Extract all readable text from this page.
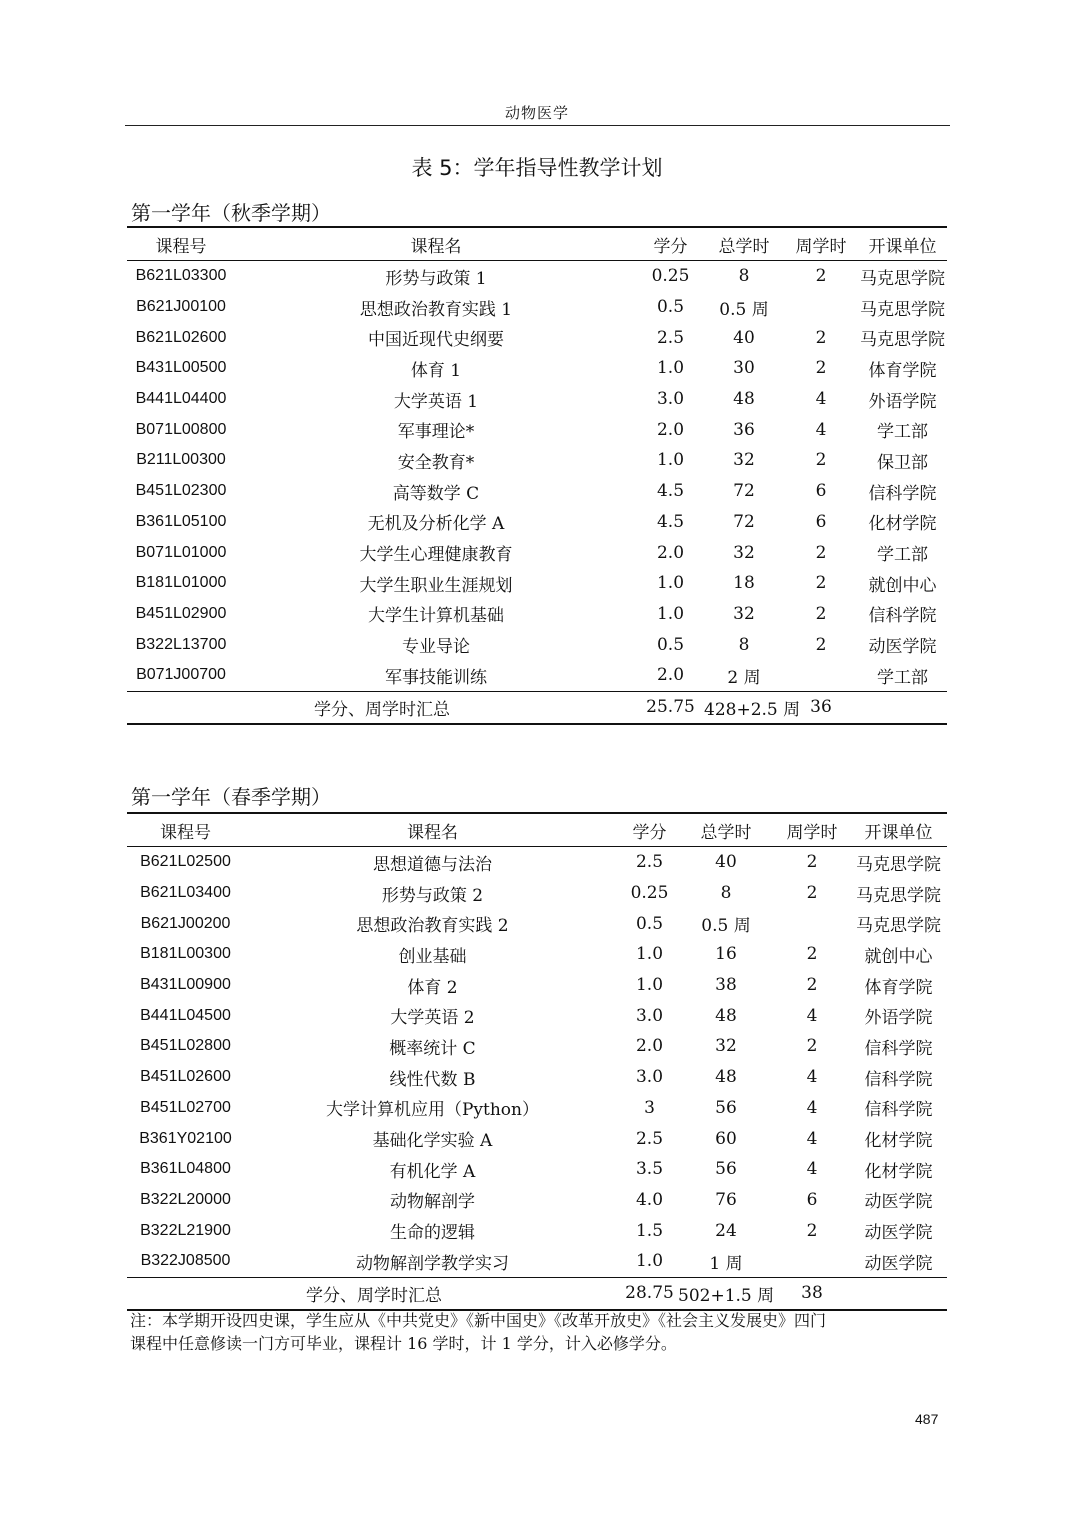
动物医学
表 5：学年指导性教学计划
第一学年（秋季学期）
课程号	课程名	学分	总学时	周学时	开课单位
B621L03300	形势与政策 1	0.25	8	2	马克思学院
B621J00100	思想政治教育实践 1	0.5	0.5 周		马克思学院
B621L02600	中国近现代史纲要	2.5	40	2	马克思学院
B431L00500	体育 1	1.0	30	2	体育学院
B441L04400	大学英语 1	3.0	48	4	外语学院
B071L00800	军事理论*	2.0	36	4	学工部
B211L00300	安全教育*	1.0	32	2	保卫部
B451L02300	高等数学 C	4.5	72	6	信科学院
B361L05100	无机及分析化学 A	4.5	72	6	化材学院
B071L01000	大学生心理健康教育	2.0	32	2	学工部
B181L01000	大学生职业生涯规划	1.0	18	2	就创中心
B451L02900	大学生计算机基础	1.0	32	2	信科学院
B322L13700	专业导论	0.5	8	2	动医学院
B071J00700	军事技能训练	2.0	2 周		学工部
学分、周学时汇总		25.75	428+2.5 周	36	
第一学年（春季学期）
课程号	课程名	学分	总学时	周学时	开课单位
B621L02500	思想道德与法治	2.5	40	2	马克思学院
B621L03400	形势与政策 2	0.25	8	2	马克思学院
B621J00200	思想政治教育实践 2	0.5	0.5 周		马克思学院
B181L00300	创业基础	1.0	16	2	就创中心
B431L00900	体育 2	1.0	38	2	体育学院
B441L04500	大学英语 2	3.0	48	4	外语学院
B451L02800	概率统计 C	2.0	32	2	信科学院
B451L02600	线性代数 B	3.0	48	4	信科学院
B451L02700	大学计算机应用（Python）	3	56	4	信科学院
B361Y02100	基础化学实验 A	2.5	60	4	化材学院
B361L04800	有机化学 A	3.5	56	4	化材学院
B322L20000	动物解剖学	4.0	76	6	动医学院
B322L21900	生命的逻辑	1.5	24	2	动医学院
B322J08500	动物解剖学教学实习	1.0	1 周		动医学院
学分、周学时汇总		28.75	502+1.5 周	38	

注：本学期开设四史课，学生应从《中共党史》《新中国史》《改革开放史》《社会主义发展史》四门

课程中任意修读一门方可毕业，课程计 16 学时，计 1 学分，计入必修学分。

487
